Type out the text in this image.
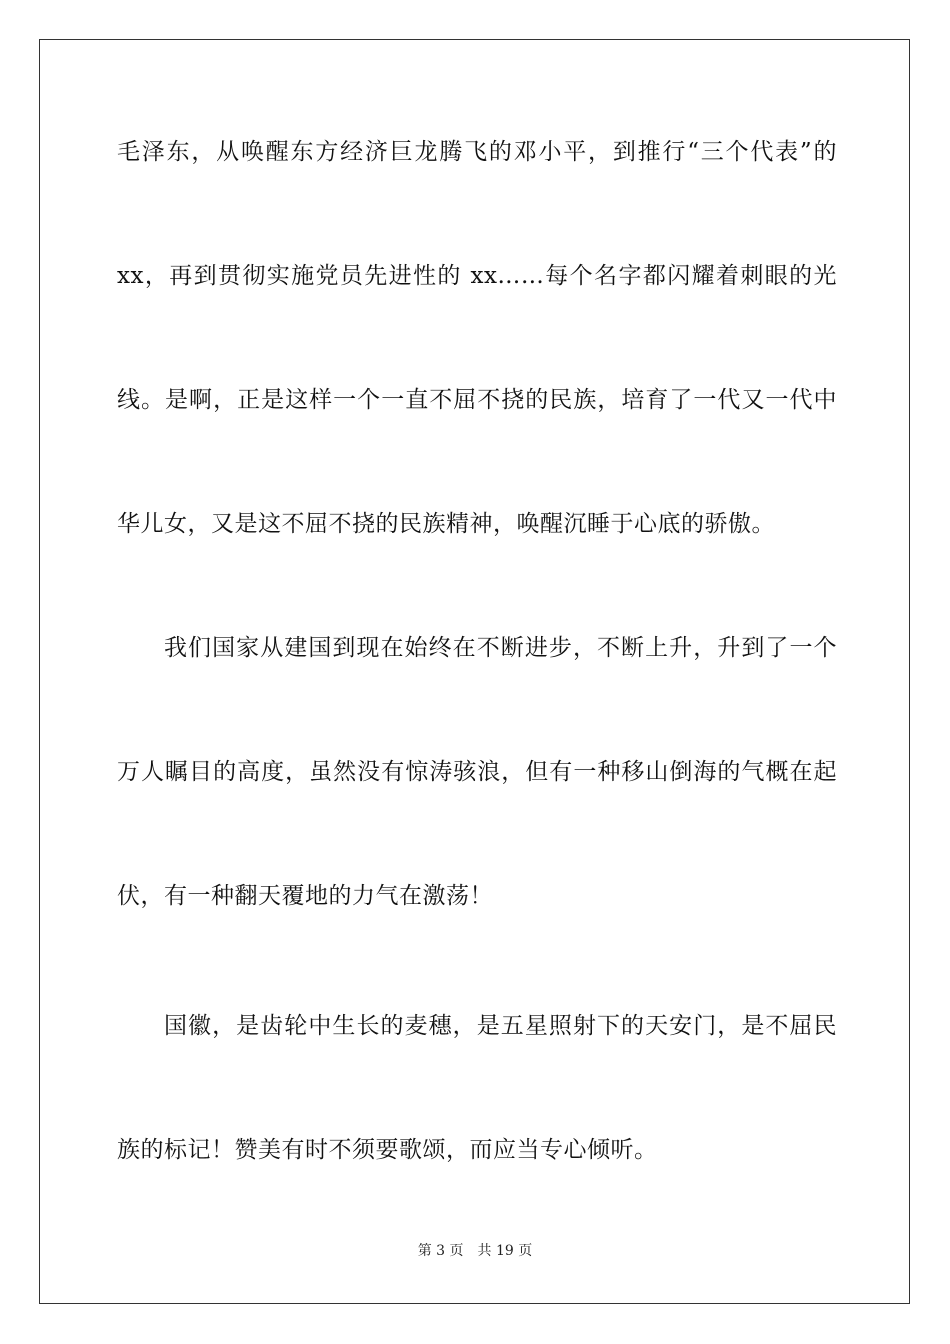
毛泽东，从唤醒东方经济巨龙腾飞的邓小平，到推行“三个代表”的
xx，再到贯彻实施党员先进性的 xx……每个名字都闪耀着刺眼的光
线。是啊，正是这样一个一直不屈不挠的民族，培育了一代又一代中
华儿女，又是这不屈不挠的民族精神，唤醒沉睡于心底的骄傲。
我们国家从建国到现在始终在不断进步，不断上升，升到了一个
万人瞩目的高度，虽然没有惊涛骇浪，但有一种移山倒海的气概在起
伏，有一种翻天覆地的力气在激荡！
国徽，是齿轮中生长的麦穗，是五星照射下的天安门，是不屈民
族的标记！赞美有时不须要歌颂，而应当专心倾听。
第 3 页 共 19 页
